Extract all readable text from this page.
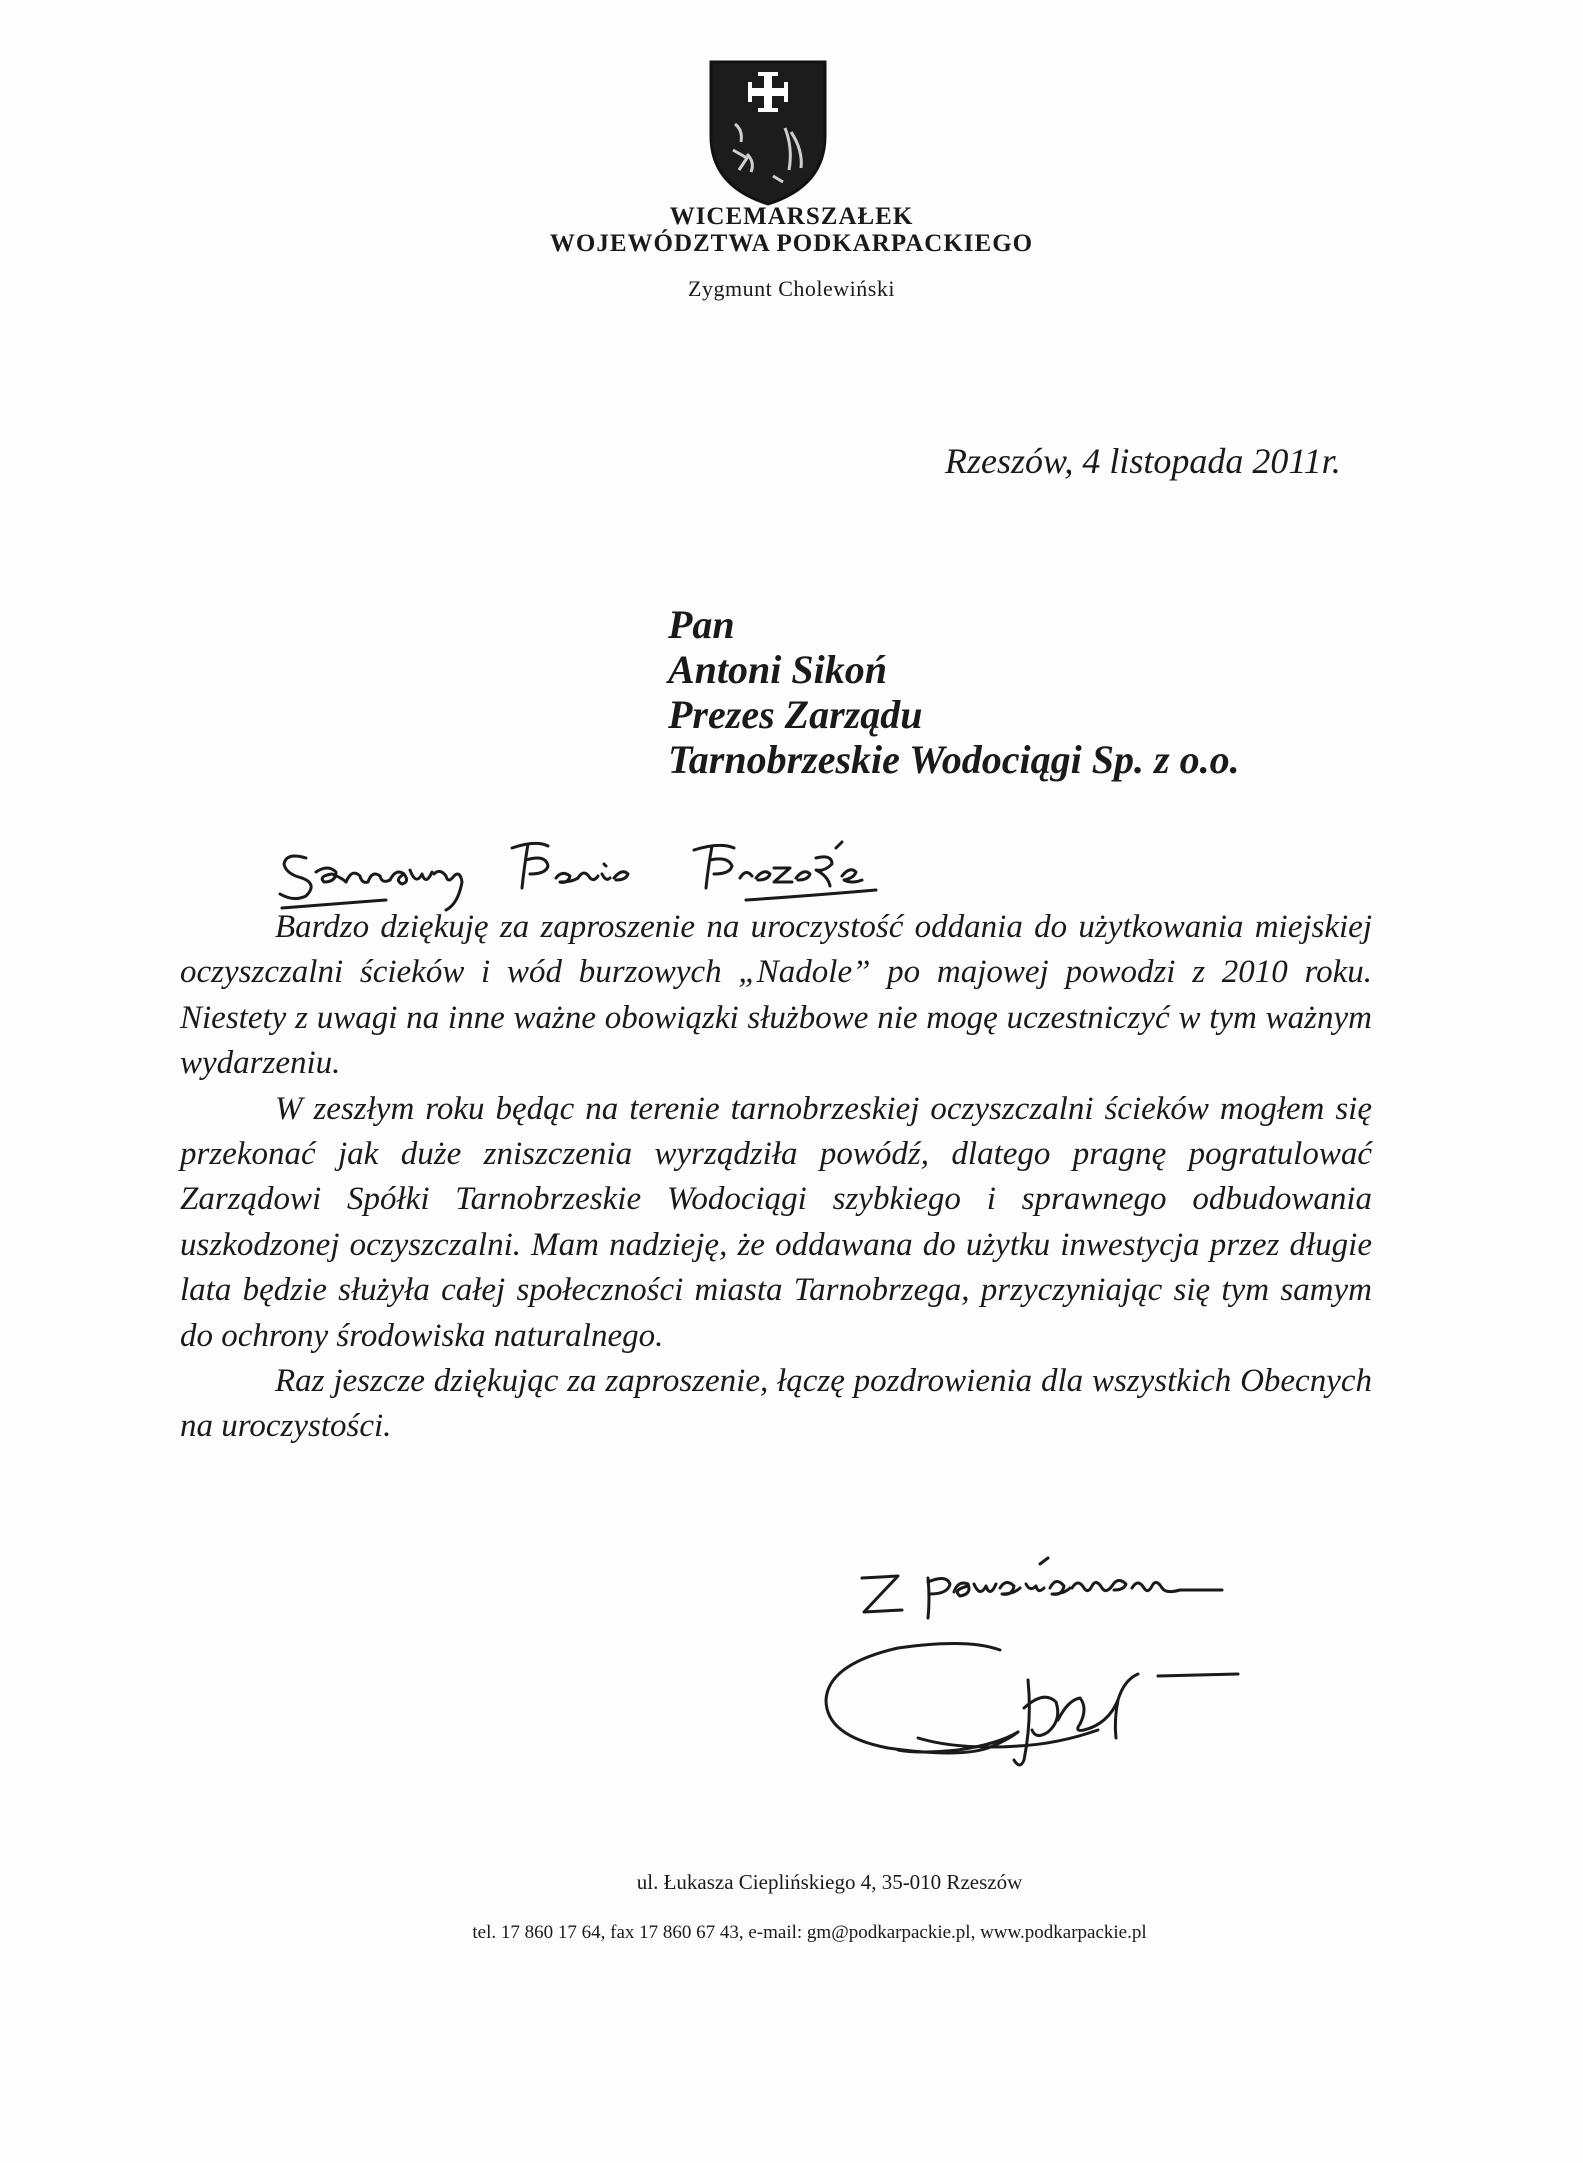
WICEMARSZAŁEK
WOJEWÓDZTWA PODKARPACKIEGO
Zygmunt Cholewiński
Rzeszów, 4 listopada 2011r.
Pan
Antoni Sikoń
Prezes Zarządu
Tarnobrzeskie Wodociągi Sp. z o.o.

Bardzo dziękuję za zaproszenie na uroczystość oddania do użytkowania miejskiej oczyszczalni ścieków i wód burzowych „Nadole” po majowej powodzi z 2010 roku. Niestety z uwagi na inne ważne obowiązki służbowe nie mogę uczestniczyć w tym ważnym wydarzeniu.

W zeszłym roku będąc na terenie tarnobrzeskiej oczyszczalni ścieków mogłem się przekonać jak duże zniszczenia wyrządziła powódź, dlatego pragnę pogratulować Zarządowi Spółki Tarnobrzeskie Wodociągi szybkiego i sprawnego odbudowania uszkodzonej oczyszczalni. Mam nadzieję, że oddawana do użytku inwestycja przez długie lata będzie służyła całej społeczności miasta Tarnobrzega, przyczyniając się tym samym do ochrony środowiska naturalnego.

Raz jeszcze dziękując za zaproszenie, łączę pozdrowienia dla wszystkich Obecnych na uroczystości.

ul. Łukasza Cieplińskiego 4, 35-010 Rzeszów
tel. 17 860 17 64, fax 17 860 67 43, e-mail: gm@podkarpackie.pl, www.podkarpackie.pl
